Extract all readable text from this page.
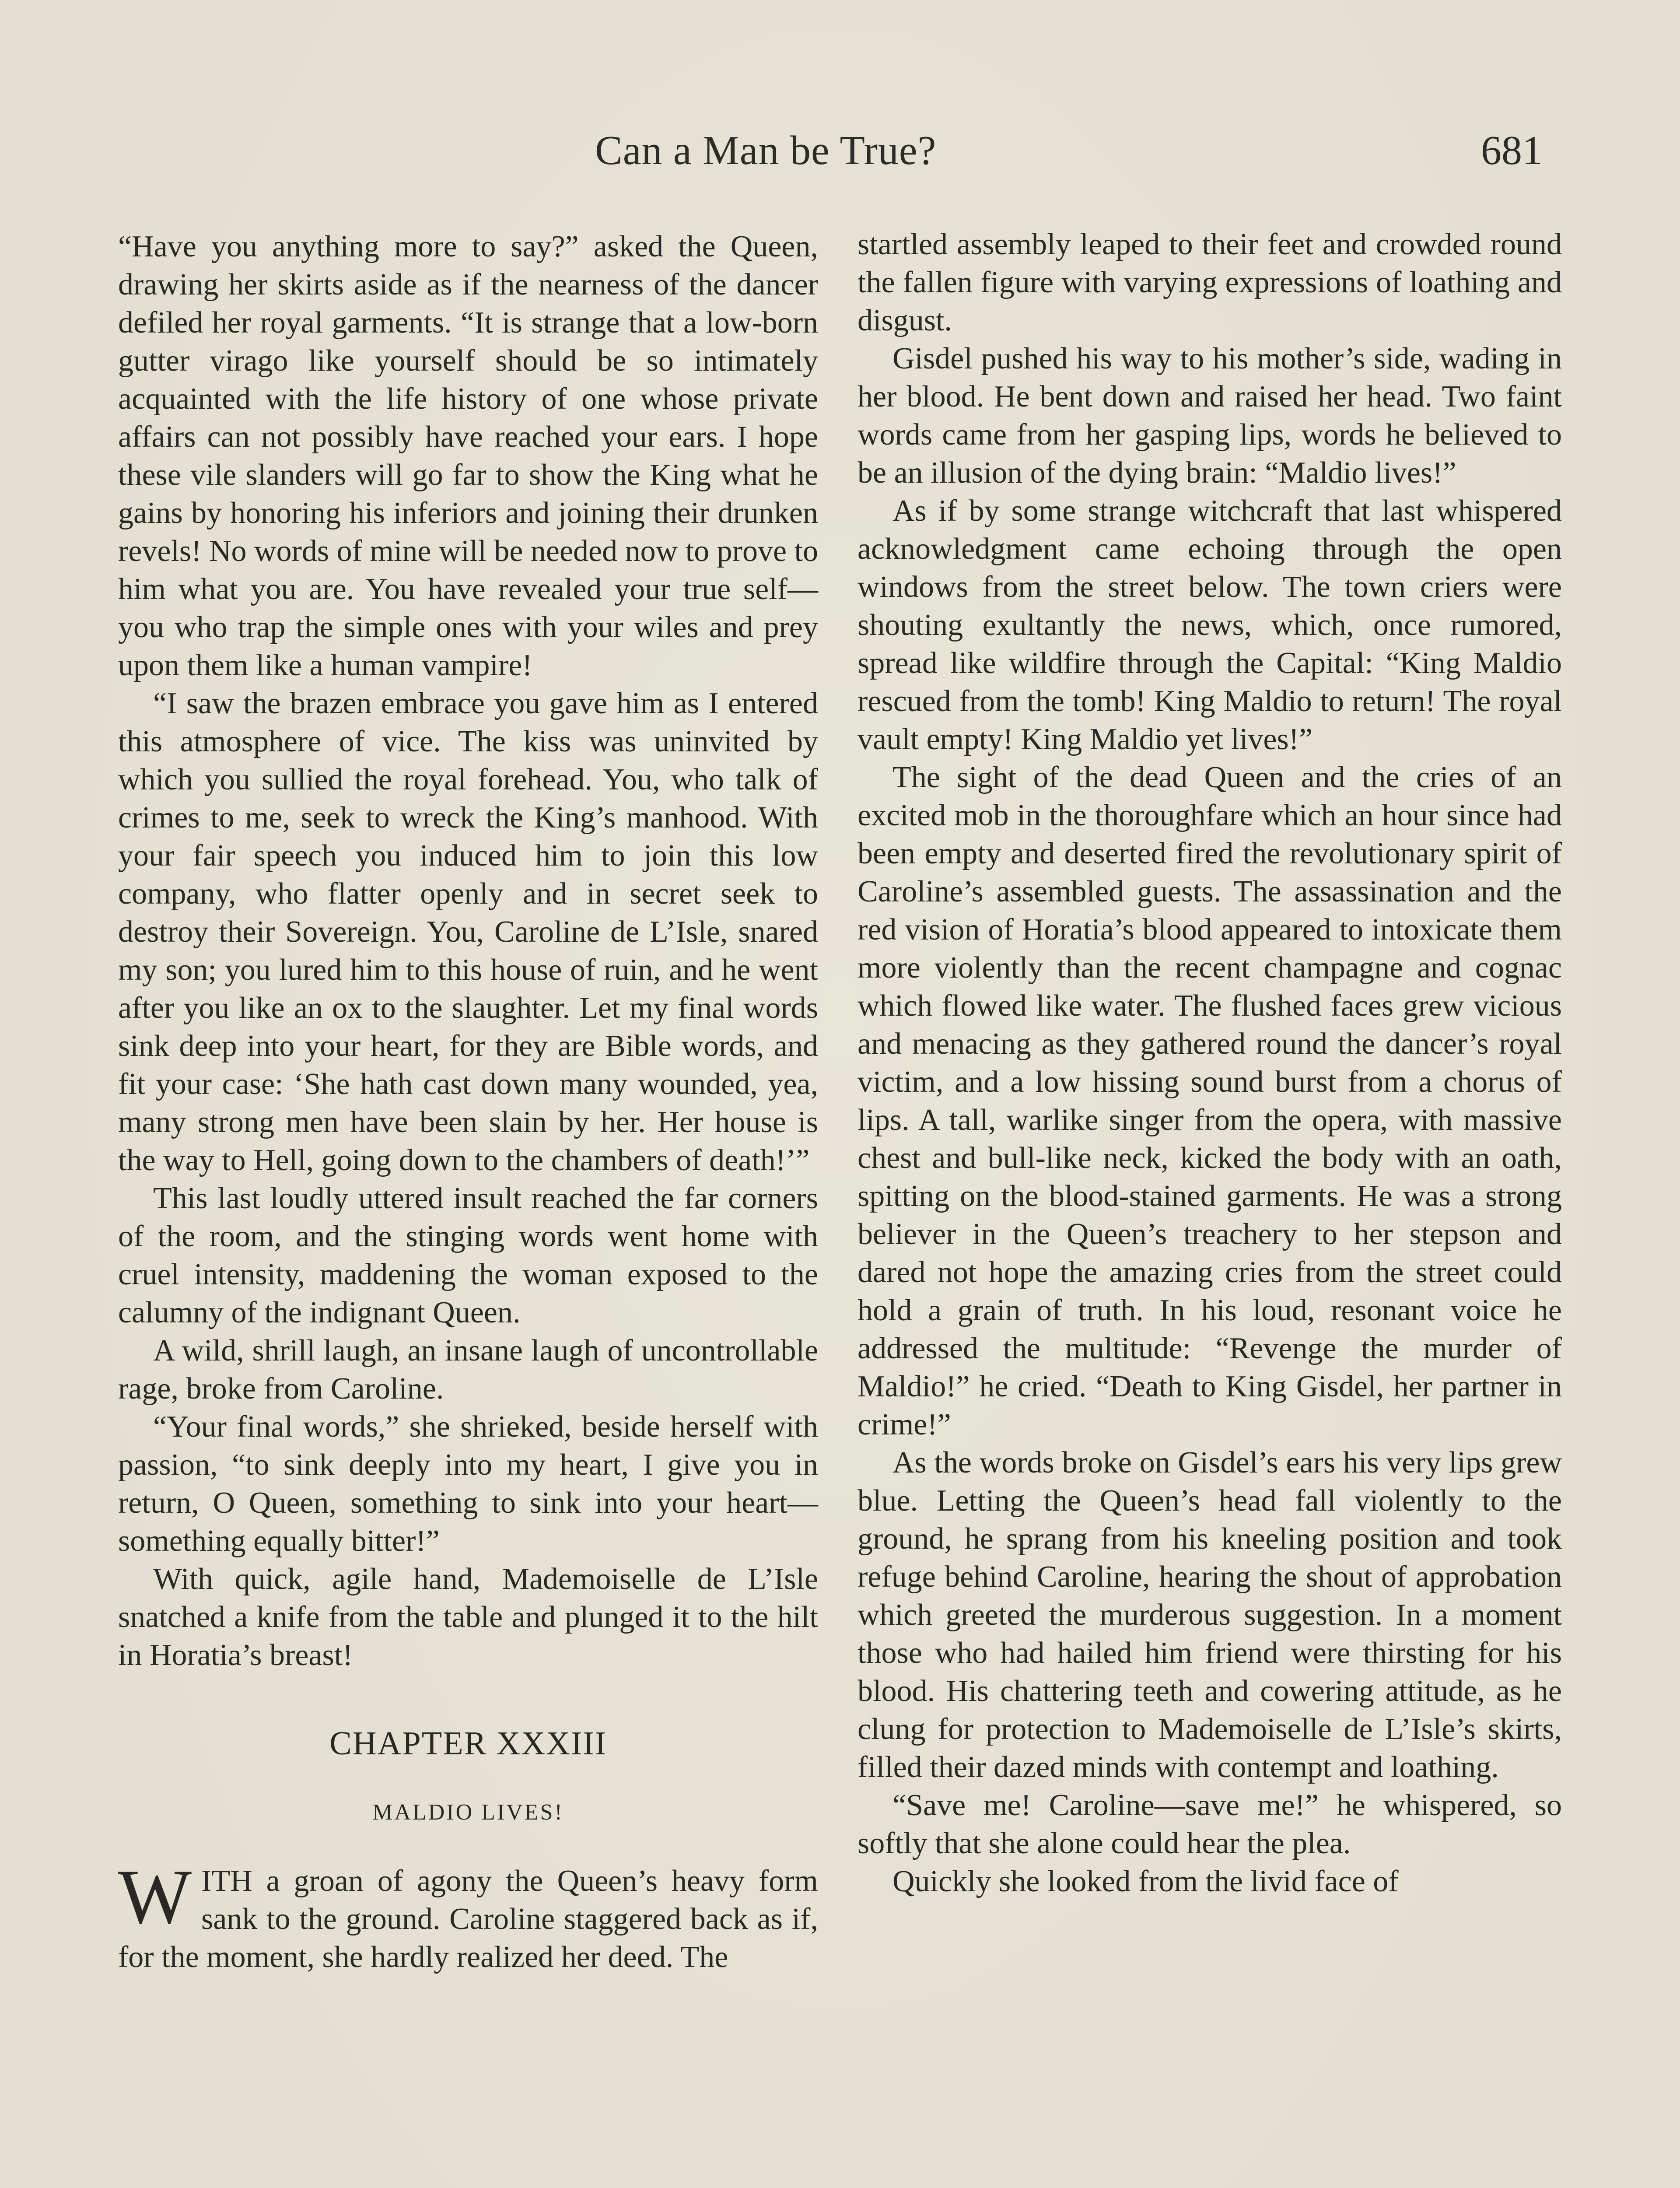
Can a Man be True?	681

“Have you anything more to say?” asked the Queen, drawing her skirts aside as if the nearness of the dancer defiled her royal garments. “It is strange that a low-born gutter virago like yourself should be so intimately acquainted with the life history of one whose private affairs can not possibly have reached your ears. I hope these vile slanders will go far to show the King what he gains by honoring his inferiors and joining their drunken revels! No words of mine will be needed now to prove to him what you are. You have revealed your true self—you who trap the simple ones with your wiles and prey upon them like a human vampire!

“I saw the brazen embrace you gave him as I entered this atmosphere of vice. The kiss was uninvited by which you sullied the royal forehead. You, who talk of crimes to me, seek to wreck the King’s manhood. With your fair speech you induced him to join this low company, who flatter openly and in secret seek to destroy their Sovereign. You, Caroline de L’Isle, snared my son; you lured him to this house of ruin, and he went after you like an ox to the slaughter. Let my final words sink deep into your heart, for they are Bible words, and fit your case: ‘She hath cast down many wounded, yea, many strong men have been slain by her. Her house is the way to Hell, going down to the chambers of death!’”

This last loudly uttered insult reached the far corners of the room, and the stinging words went home with cruel intensity, maddening the woman exposed to the calumny of the indignant Queen.

A wild, shrill laugh, an insane laugh of uncontrollable rage, broke from Caroline.

“Your final words,” she shrieked, beside herself with passion, “to sink deeply into my heart, I give you in return, O Queen, something to sink into your heart—something equally bitter!”

With quick, agile hand, Mademoiselle de L’Isle snatched a knife from the table and plunged it to the hilt in Horatia’s breast!

CHAPTER XXXIII
MALDIO LIVES!

WITH a groan of agony the Queen’s heavy form sank to the ground. Caroline staggered back as if, for the moment, she hardly realized her deed. The

startled assembly leaped to their feet and crowded round the fallen figure with varying expressions of loathing and disgust.

Gisdel pushed his way to his mother’s side, wading in her blood. He bent down and raised her head. Two faint words came from her gasping lips, words he believed to be an illusion of the dying brain: “Maldio lives!”

As if by some strange witchcraft that last whispered acknowledgment came echoing through the open windows from the street below. The town criers were shouting exultantly the news, which, once rumored, spread like wildfire through the Capital: “King Maldio rescued from the tomb! King Maldio to return! The royal vault empty! King Maldio yet lives!”

The sight of the dead Queen and the cries of an excited mob in the thoroughfare which an hour since had been empty and deserted fired the revolutionary spirit of Caroline’s assembled guests. The assassination and the red vision of Horatia’s blood appeared to intoxicate them more violently than the recent champagne and cognac which flowed like water. The flushed faces grew vicious and menacing as they gathered round the dancer’s royal victim, and a low hissing sound burst from a chorus of lips. A tall, warlike singer from the opera, with massive chest and bull-like neck, kicked the body with an oath, spitting on the blood-stained garments. He was a strong believer in the Queen’s treachery to her stepson and dared not hope the amazing cries from the street could hold a grain of truth. In his loud, resonant voice he addressed the multitude: “Revenge the murder of Maldio!” he cried. “Death to King Gisdel, her partner in crime!”

As the words broke on Gisdel’s ears his very lips grew blue. Letting the Queen’s head fall violently to the ground, he sprang from his kneeling position and took refuge behind Caroline, hearing the shout of approbation which greeted the murderous suggestion. In a moment those who had hailed him friend were thirsting for his blood. His chattering teeth and cowering attitude, as he clung for protection to Mademoiselle de L’Isle’s skirts, filled their dazed minds with contempt and loathing.

“Save me! Caroline—save me!” he whispered, so softly that she alone could hear the plea.

Quickly she looked from the livid face of
